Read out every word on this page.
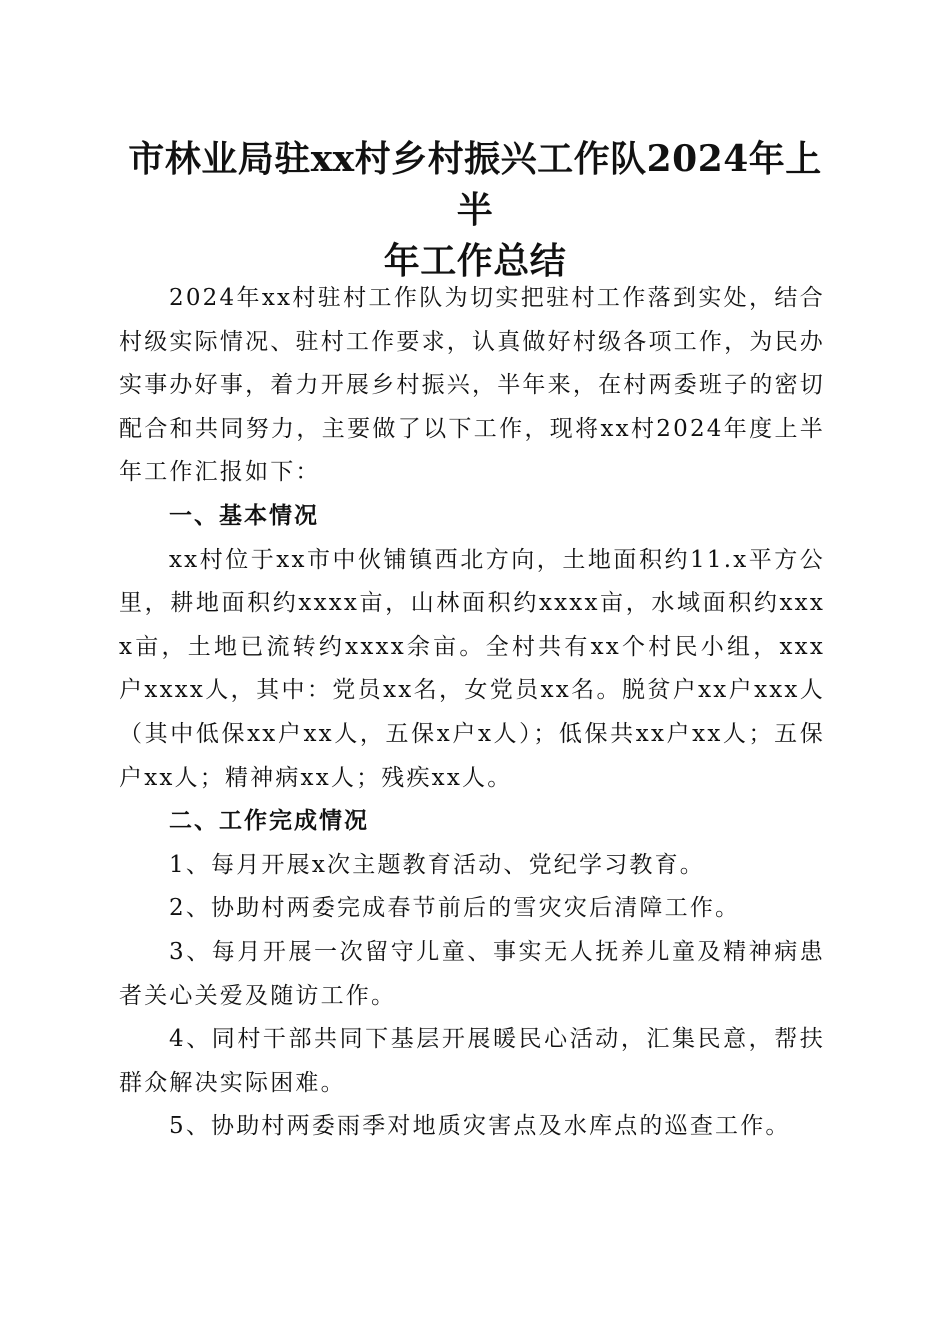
市林业局驻xx村乡村振兴工作队2024年上半
年工作总结

2024年xx村驻村工作队为切实把驻村工作落到实处，结合村级实际情况、驻村工作要求，认真做好村级各项工作，为民办实事办好事，着力开展乡村振兴，半年来，在村两委班子的密切配合和共同努力，主要做了以下工作，现将xx村2024年度上半年工作汇报如下：

一、基本情况

xx村位于xx市中伙铺镇西北方向，土地面积约11.x平方公里，耕地面积约xxxx亩，山林面积约xxxx亩，水域面积约xxxx亩，土地已流转约xxxx余亩。全村共有xx个村民小组，xxx户xxxx人，其中：党员xx名，女党员xx名。脱贫户xx户xxx人（其中低保xx户xx人，五保x户x人）；低保共xx户xx人；五保户xx人；精神病xx人；残疾xx人。

二、工作完成情况

1、每月开展x次主题教育活动、党纪学习教育。

2、协助村两委完成春节前后的雪灾灾后清障工作。

3、每月开展一次留守儿童、事实无人抚养儿童及精神病患者关心关爱及随访工作。

4、同村干部共同下基层开展暖民心活动，汇集民意，帮扶群众解决实际困难。

5、协助村两委雨季对地质灾害点及水库点的巡查工作。
